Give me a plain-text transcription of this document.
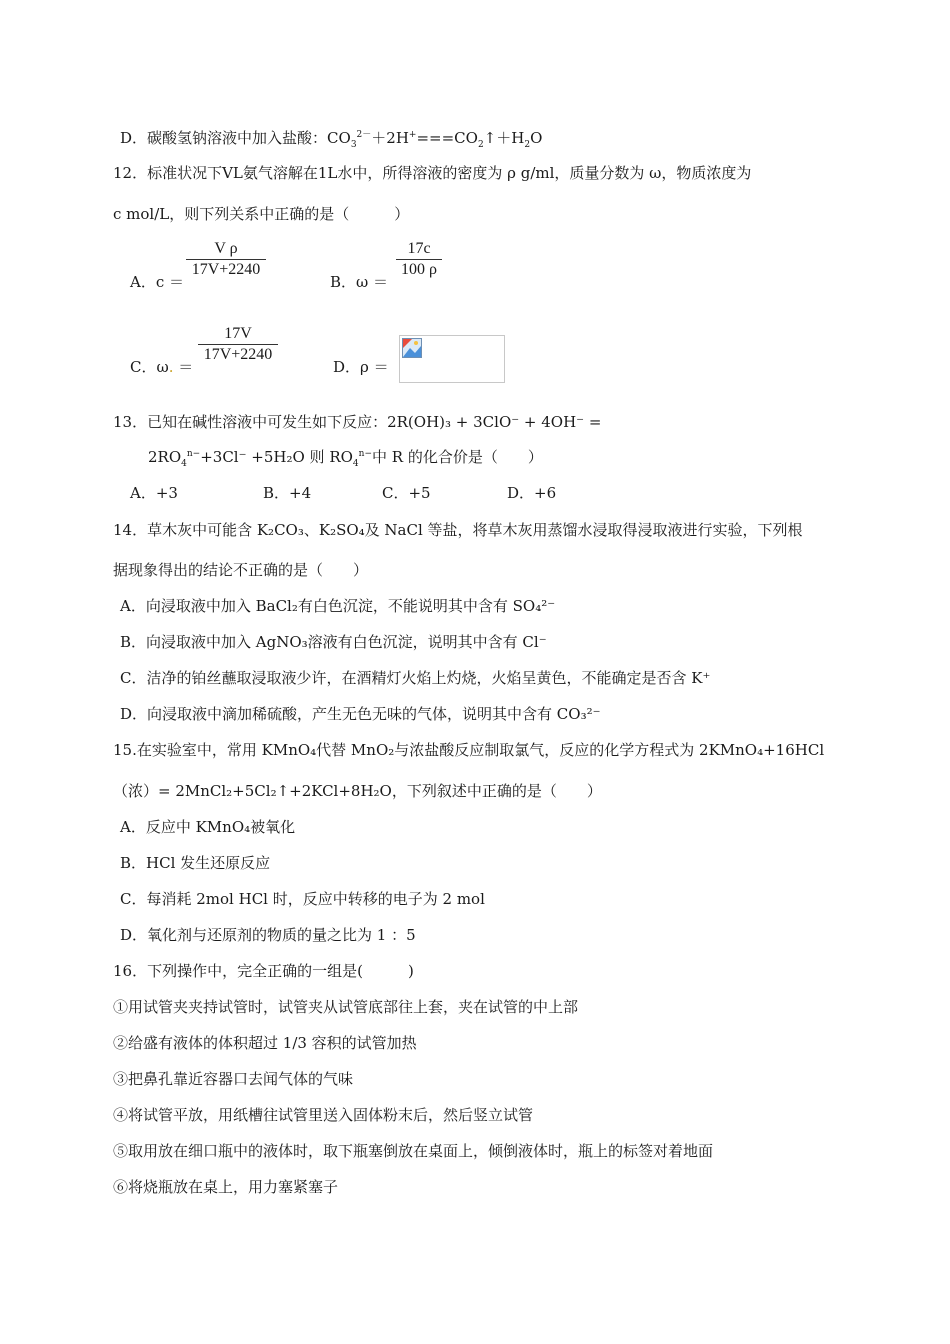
D．碳酸氢钠溶液中加入盐酸：$CO_3^{2-}+2H^+===CO_2↑+H_2O$
12．标准状况下VL氨气溶解在1L水中，所得溶液的密度为 ρ g/ml，质量分数为 ω，物质浓度为
c mol/L，则下列关系中正确的是（　　　）
A．c ＝
$\frac{\text{V ρ}}{17V+2240}$
B．ω ＝
$\frac{17c}{100 \rho}$
C．ω. ＝
$\frac{17V}{17V+2240}$
D．ρ ＝
13．已知在碱性溶液中可发生如下反应：2R(OH)₃ + 3ClO⁻ + 4OH⁻ =
$2RO_4^{n-}+3Cl^- +5H_2O$ 则 $RO_4^{n-}$中 R 的化合价是（　　）
A．+3	B．+4	C．+5	D．+6
14．草木灰中可能含 K₂CO₃、K₂SO₄及 NaCl 等盐，将草木灰用蒸馏水浸取得浸取液进行实验，下列根
据现象得出的结论不正确的是（　　）
A．向浸取液中加入 BaCl₂有白色沉淀，不能说明其中含有 SO₄²⁻
B．向浸取液中加入 AgNO₃溶液有白色沉淀，说明其中含有 Cl⁻
C．洁净的铂丝蘸取浸取液少许，在酒精灯火焰上灼烧，火焰呈黄色，不能确定是否含 K⁺
D．向浸取液中滴加稀硫酸，产生无色无味的气体，说明其中含有 CO₃²⁻
15.在实验室中，常用 KMnO₄代替 MnO₂与浓盐酸反应制取氯气，反应的化学方程式为 2KMnO₄+16HCl
（浓）= 2MnCl₂+5Cl₂↑+2KCl+8H₂O，下列叙述中正确的是（　　）
A．反应中 KMnO₄被氧化
B．HCl 发生还原反应
C．每消耗 2mol HCl 时，反应中转移的电子为 2 mol
D．氧化剂与还原剂的物质的量之比为 1 ：5
16．下列操作中，完全正确的一组是(　　　)
①用试管夹夹持试管时，试管夹从试管底部往上套，夹在试管的中上部
②给盛有液体的体积超过 1/3 容积的试管加热
③把鼻孔靠近容器口去闻气体的气味
④将试管平放，用纸槽往试管里送入固体粉末后，然后竖立试管
⑤取用放在细口瓶中的液体时，取下瓶塞倒放在桌面上，倾倒液体时，瓶上的标签对着地面
⑥将烧瓶放在桌上，用力塞紧塞子
